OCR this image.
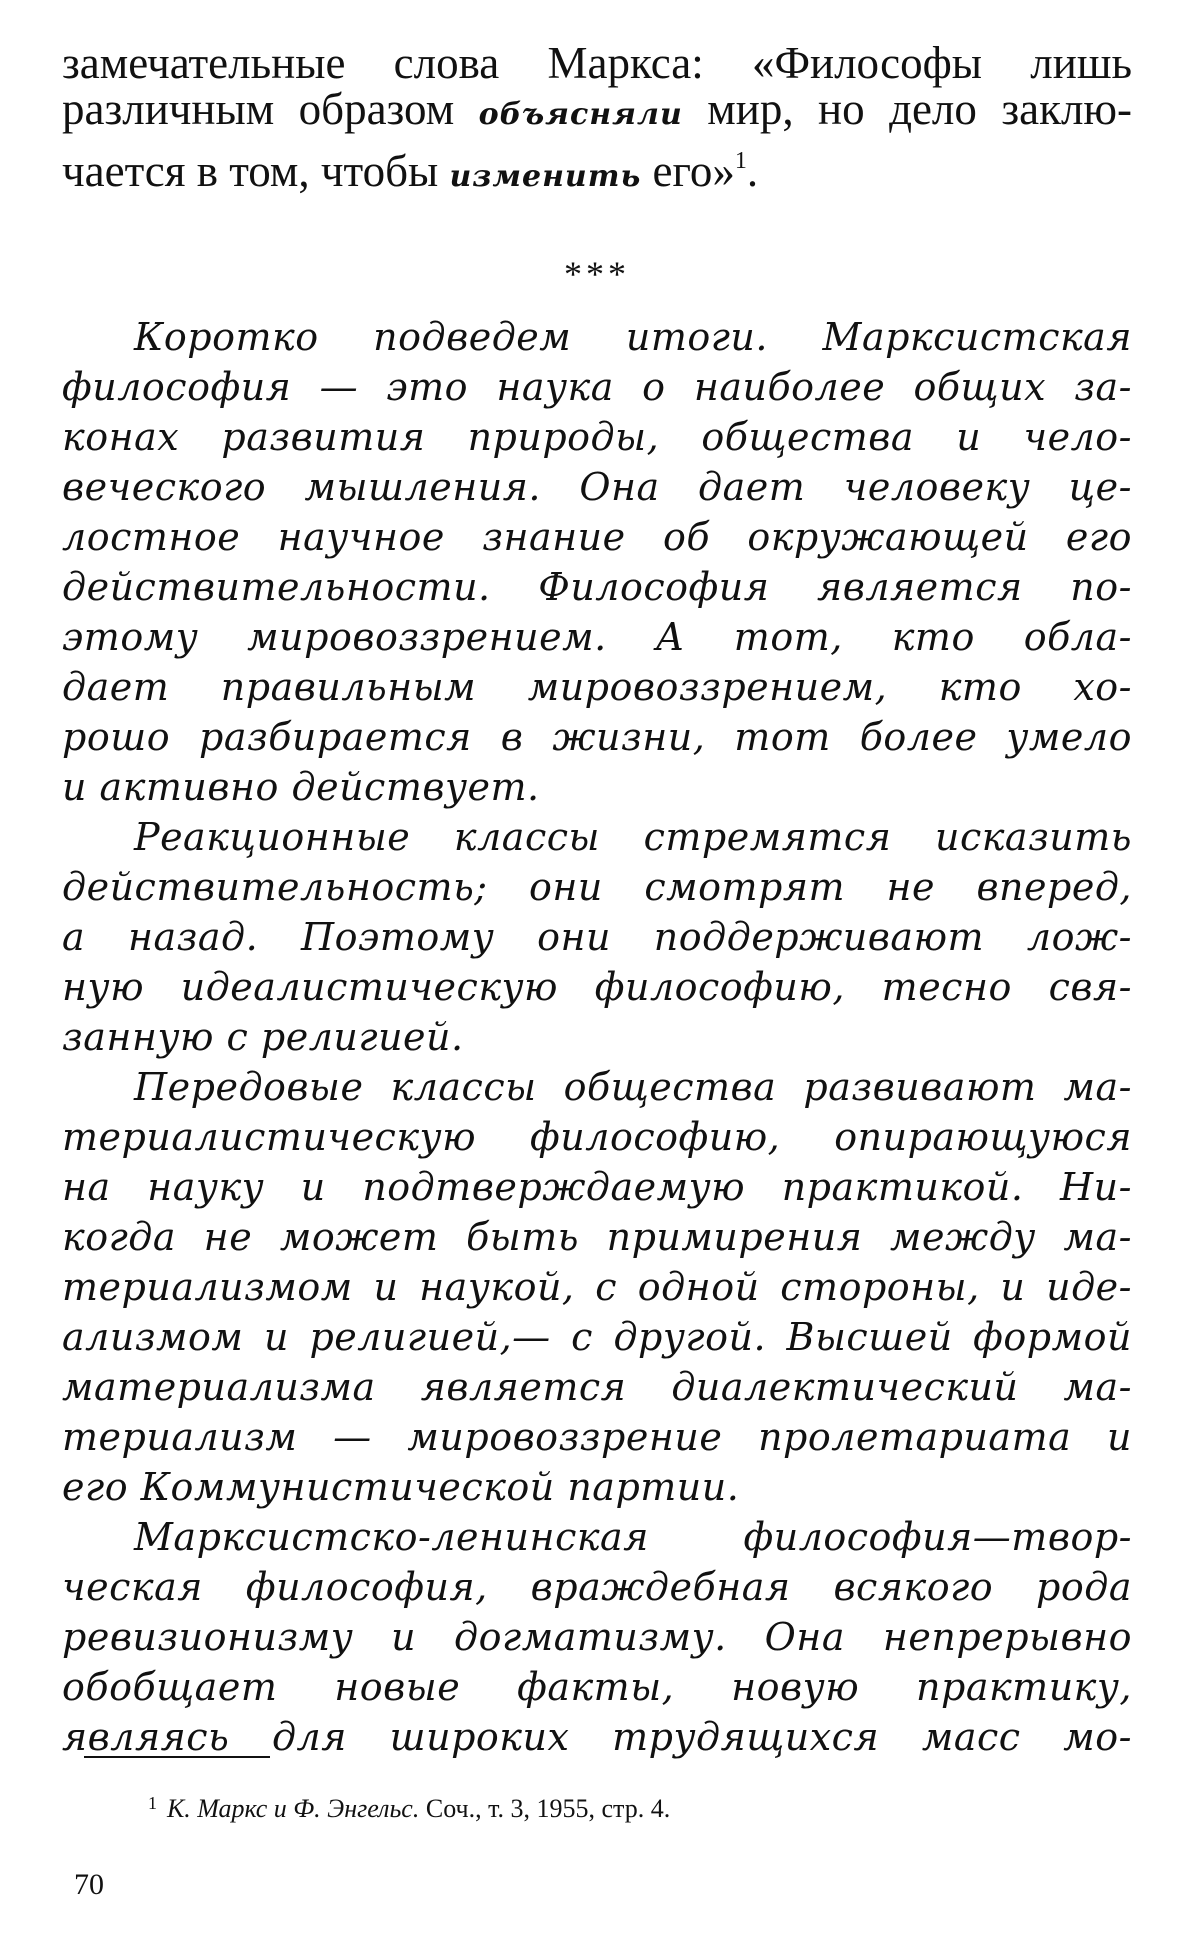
замечательные слова Маркса: «Философы лишь
различным образом объясняли мир, но дело заклю-
чается в том, чтобы изменить его»$^1$.
***
Коротко подведем итоги. Марксистская
философия — это наука о наиболее общих за-
конах развития природы, общества и чело-
веческого мышления. Она дает человеку це-
лостное научное знание об окружающей его
действительности. Философия является по-
этому мировоззрением. А тот, кто обла-
дает правильным мировоззрением, кто хо-
рошо разбирается в жизни, тот более умело
и активно действует.
Реакционные классы стремятся исказить
действительность; они смотрят не вперед,
а назад. Поэтому они поддерживают лож-
ную идеалистическую философию, тесно свя-
занную с религией.
Передовые классы общества развивают ма-
териалистическую философию, опирающуюся
на науку и подтверждаемую практикой. Ни-
когда не может быть примирения между ма-
териализмом и наукой, с одной стороны, и иде-
ализмом и религией,— с другой. Высшей формой
материализма является диалектический ма-
териализм — мировоззрение пролетариата и
его Коммунистической партии.
Марксистско-ленинская философия—твор-
ческая философия, враждебная всякого рода
ревизионизму и догматизму. Она непрерывно
обобщает новые факты, новую практику,
являясь для широких трудящихся масс мо-
$^1$ К. Маркс и Ф. Энгельс. Соч., т. 3, 1955, стр. 4.
70
